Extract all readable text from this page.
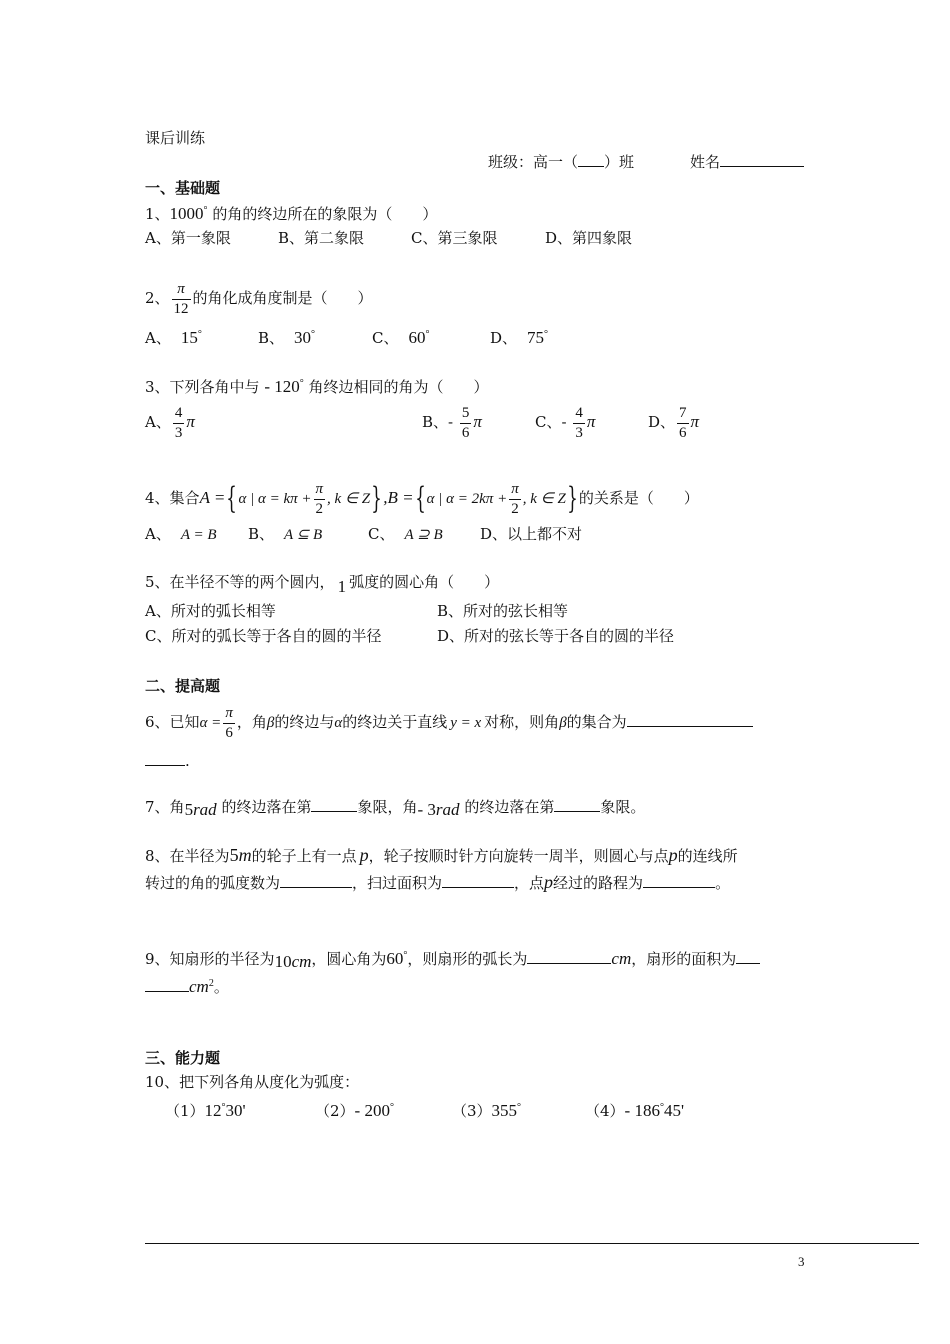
课后训练
班级：高一（ ）班	姓名
一、基础题
1、1000° 的角的终边所在的象限为（　　）
A、第一象限	B、第二象限	C、第三象限	D、第四象限
2、 $\frac{\pi}{12}$ 的角化成角度制是（　　）
A、 15°	B、 30°	C、 60°	D、 75°
3、下列各角中与 - 120° 角终边相同的角为（　　）
A、 $\frac{4}{3}$ π	B、- $\frac{5}{6}$ π	C、- $\frac{4}{3}$ π	D、 $\frac{7}{6}$ π
4、集合A ={α | $\alpha = k\pi + \frac{\pi}{2}$ , k ∈ Z},B ={α | $\alpha = 2k\pi + \frac{\pi}{2}$ , k ∈ Z}的关系是（　　）
A、 A = B B、 A ⊆ B	C、 A ⊇ B D、以上都不对
5、在半径不等的两个圆内， 1 弧度的圆心角（　　）
A、所对的弧长相等	B、所对的弦长相等
C、所对的弧长等于各自的圆的半径	D、所对的弦长等于各自的圆的半径
二、提高题
6、已知$\alpha = \frac{\pi}{6}$ ，角β的终边与α的终边关于直线 y = x 对称，则角β的集合为
.
7、角5rad 的终边落在第	象限，角- 3rad 的终边落在第	象限。
8、在半径为5m的轮子上有一点 p，轮子按顺时针方向旋转一周半，则圆心与点p的连线所
转过的角的弧度数为	，扫过面积为	，点p经过的路程为	。
9、知扇形的半径为10cm，圆心角为60°，则扇形的弧长为	cm，扇形的面积为
$cm^2$。
三、能力题
10、把下列各角从度化为弧度：
（1）12°30'	（2）- 200°	（3）355°	（4）- 186°45'
3
